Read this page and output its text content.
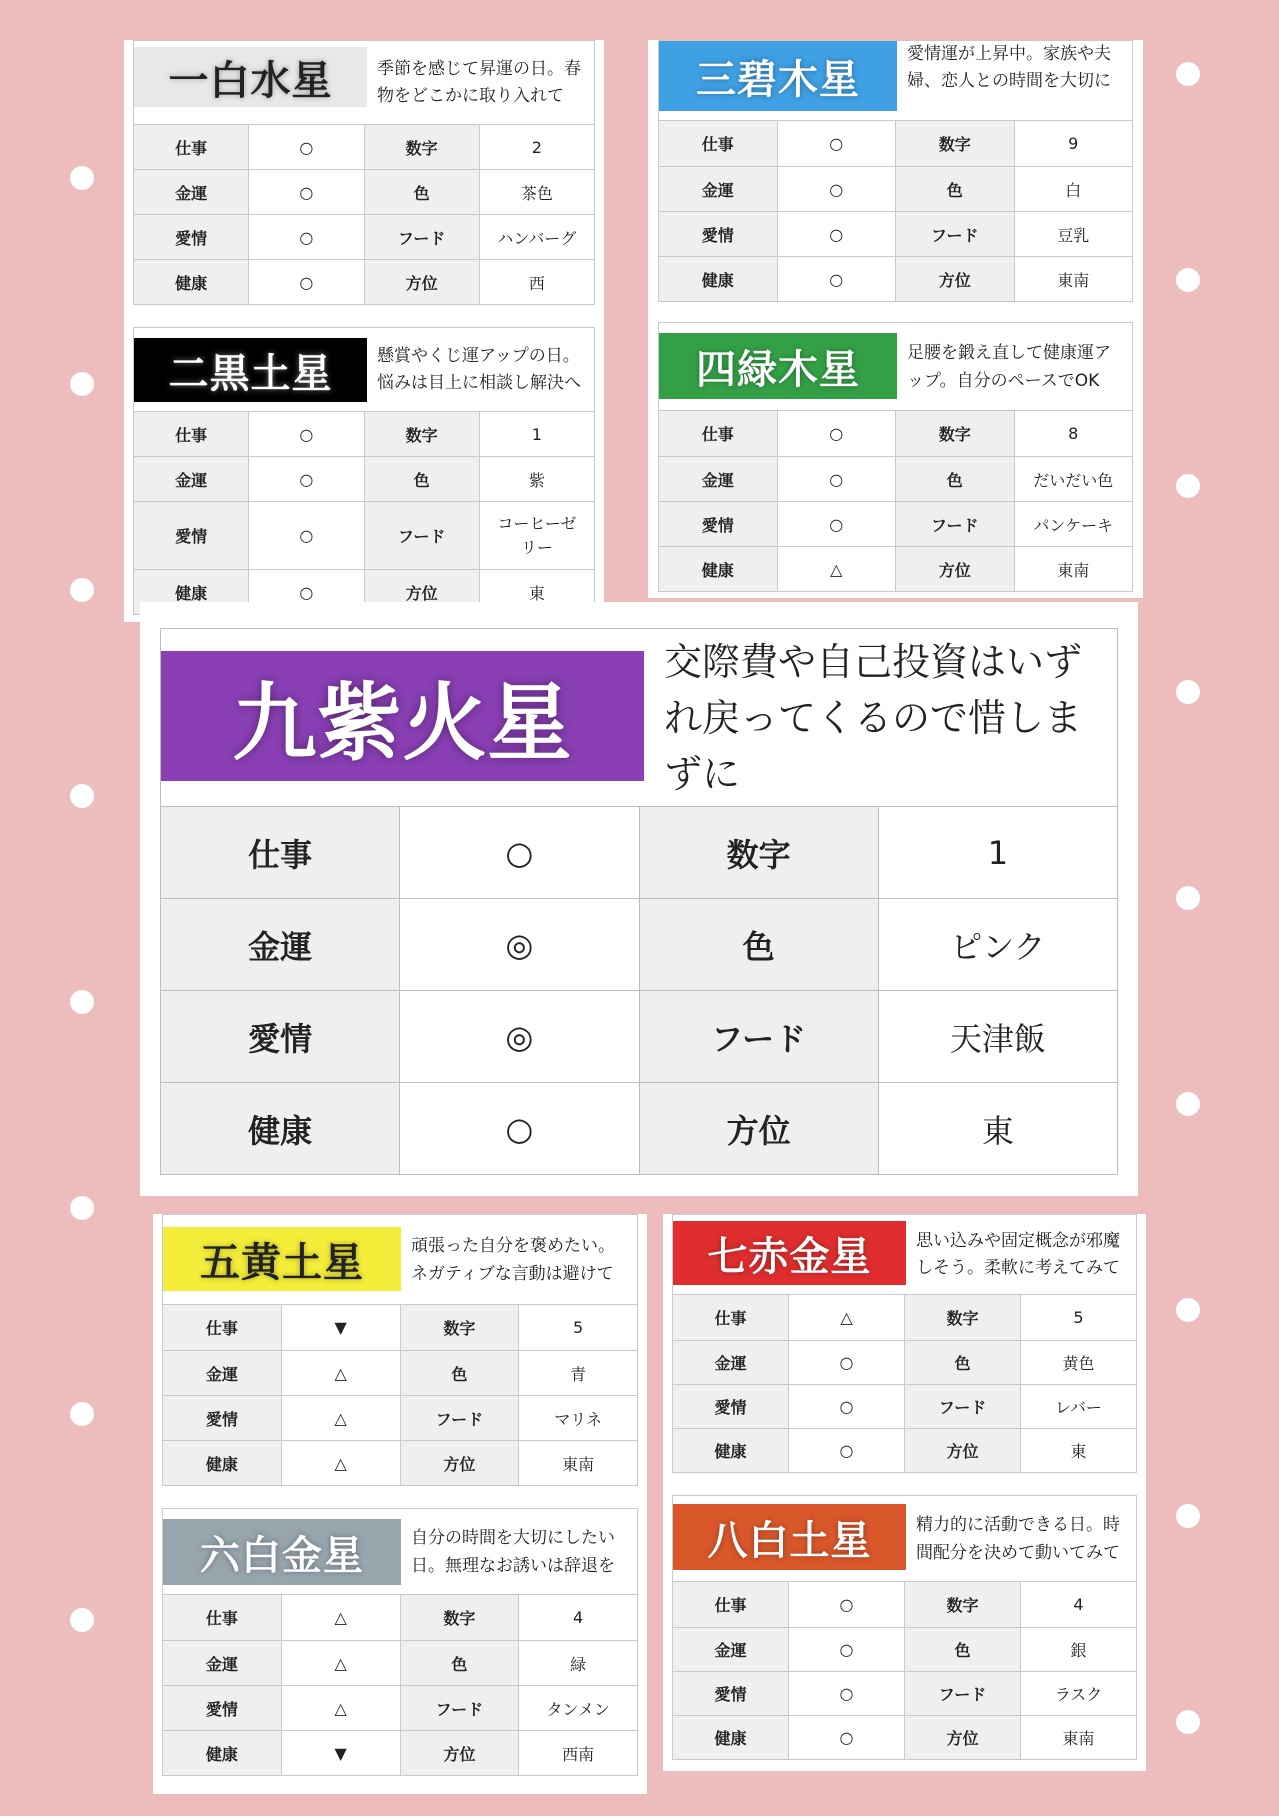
一白水星	季節を感じて昇運の日。春物をどこかに取り入れて
仕事	○	数字	2
金運	○	色	茶色
愛情	○	フード	ハンバーグ
健康	○	方位	西
二黒土星	懸賞やくじ運アップの日。悩みは目上に相談し解決へ
仕事	○	数字	1
金運	○	色	紫
愛情	○	フード	コーヒーゼリー
健康	○	方位	東
三碧木星
愛情運が上昇中。家族や夫婦、恋人との時間を大切に
仕事	○	数字	9
金運	○	色	白
愛情	○	フード	豆乳
健康	○	方位	東南
四緑木星	足腰を鍛え直して健康運アップ。自分のペースでOK
仕事	○	数字	8
金運	○	色	だいだい色
愛情	○	フード	パンケーキ
健康	△	方位	東南
九紫火星
交際費や自己投資はいずれ戻ってくるので惜しまずに
仕事	○	数字	1
金運	◎	色	ピンク
愛情	◎	フード	天津飯
健康	○	方位	東
五黄土星	頑張った自分を褒めたい。ネガティブな言動は避けて
仕事	▼	数字	5
金運	△	色	青
愛情	△	フード	マリネ
健康	△	方位	東南
六白金星	自分の時間を大切にしたい日。無理なお誘いは辞退を
仕事	△	数字	4
金運	△	色	緑
愛情	△	フード	タンメン
健康	▼	方位	西南
七赤金星	思い込みや固定概念が邪魔しそう。柔軟に考えてみて
仕事	△	数字	5
金運	○	色	黄色
愛情	○	フード	レバー
健康	○	方位	東
八白土星	精力的に活動できる日。時間配分を決めて動いてみて
仕事	○	数字	4
金運	○	色	銀
愛情	○	フード	ラスク
健康	○	方位	東南
